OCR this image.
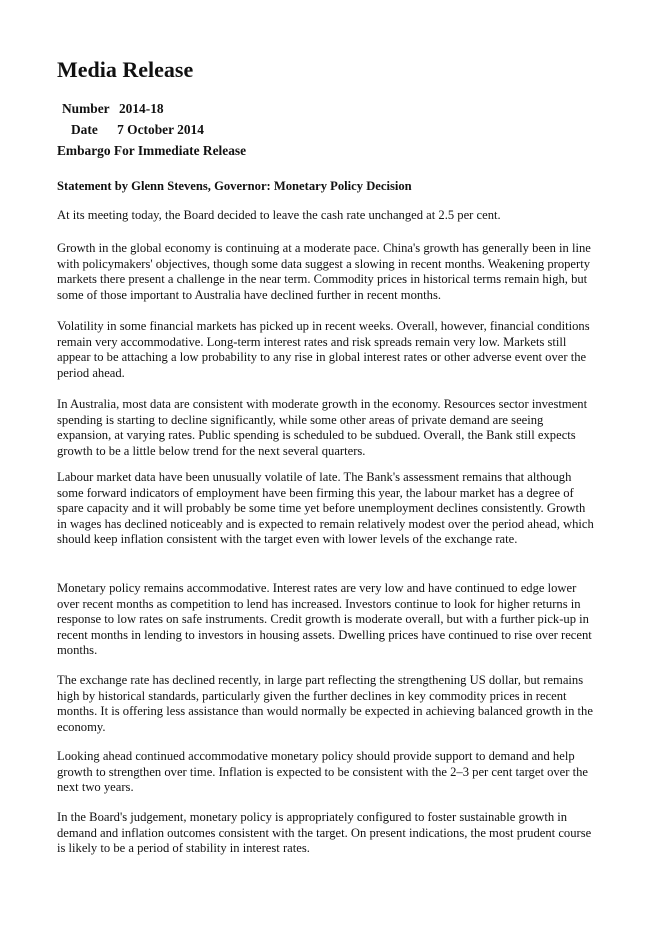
Media Release
Number 2014-18
Date 7 October 2014
Embargo For Immediate Release
Statement by Glenn Stevens, Governor: Monetary Policy Decision

At its meeting today, the Board decided to leave the cash rate unchanged at 2.5 per cent.

Growth in the global economy is continuing at a moderate pace. China's growth has generally been in line with policymakers' objectives, though some data suggest a slowing in recent months. Weakening property markets there present a challenge in the near term. Commodity prices in historical terms remain high, but some of those important to Australia have declined further in recent months.

Volatility in some financial markets has picked up in recent weeks. Overall, however, financial conditions remain very accommodative. Long-term interest rates and risk spreads remain very low. Markets still appear to be attaching a low probability to any rise in global interest rates or other adverse event over the period ahead.

In Australia, most data are consistent with moderate growth in the economy. Resources sector investment spending is starting to decline significantly, while some other areas of private demand are seeing expansion, at varying rates. Public spending is scheduled to be subdued. Overall, the Bank still expects growth to be a little below trend for the next several quarters.

Labour market data have been unusually volatile of late. The Bank's assessment remains that although some forward indicators of employment have been firming this year, the labour market has a degree of spare capacity and it will probably be some time yet before unemployment declines consistently. Growth in wages has declined noticeably and is expected to remain relatively modest over the period ahead, which should keep inflation consistent with the target even with lower levels of the exchange rate.

Monetary policy remains accommodative. Interest rates are very low and have continued to edge lower over recent months as competition to lend has increased. Investors continue to look for higher returns in response to low rates on safe instruments. Credit growth is moderate overall, but with a further pick-up in recent months in lending to investors in housing assets. Dwelling prices have continued to rise over recent months.

The exchange rate has declined recently, in large part reflecting the strengthening US dollar, but remains high by historical standards, particularly given the further declines in key commodity prices in recent months. It is offering less assistance than would normally be expected in achieving balanced growth in the economy.

Looking ahead continued accommodative monetary policy should provide support to demand and help growth to strengthen over time. Inflation is expected to be consistent with the 2–3 per cent target over the next two years.

In the Board's judgement, monetary policy is appropriately configured to foster sustainable growth in demand and inflation outcomes consistent with the target. On present indications, the most prudent course is likely to be a period of stability in interest rates.
